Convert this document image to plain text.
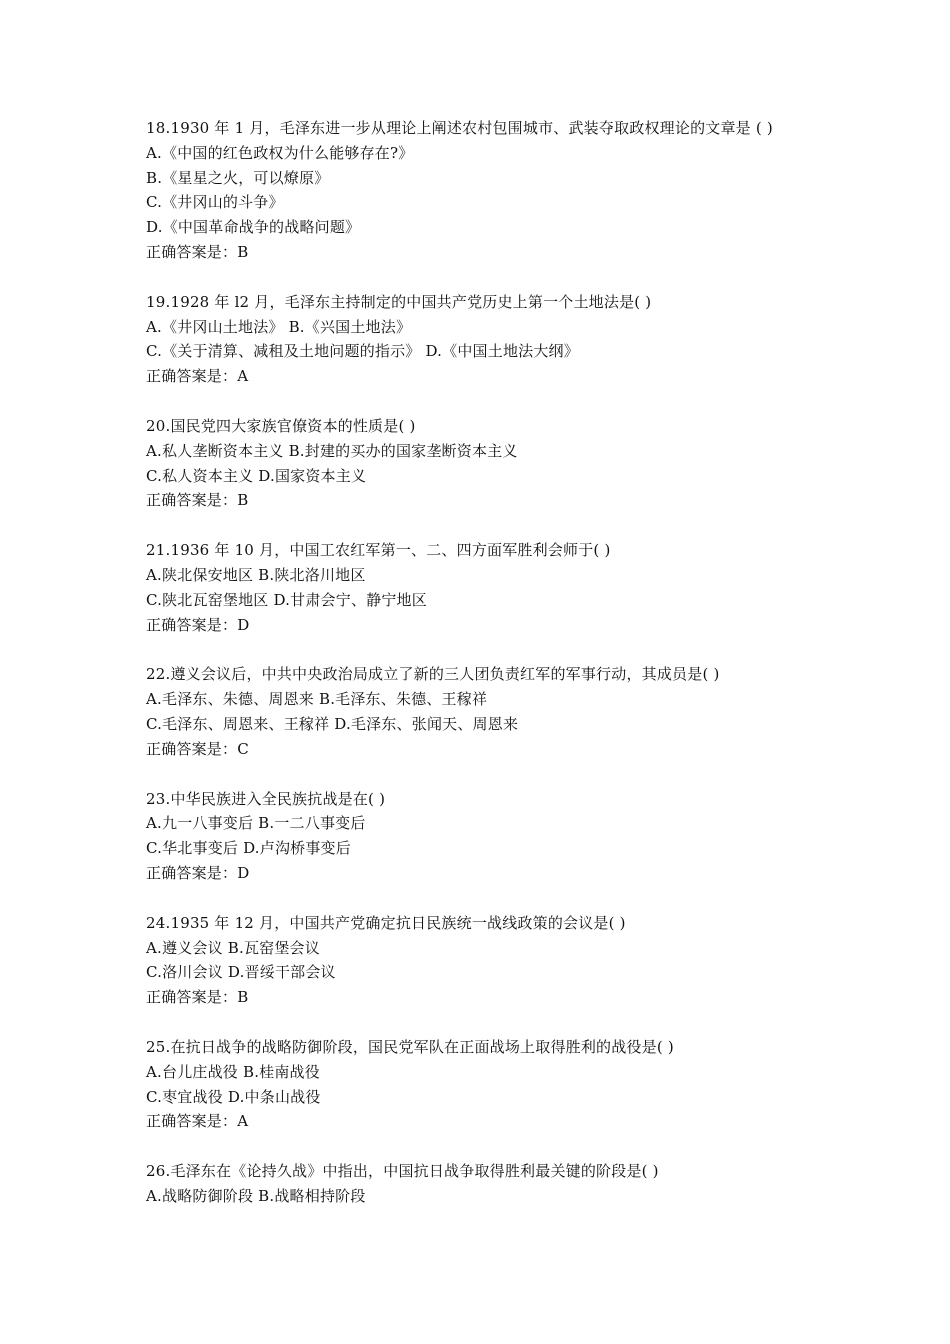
18.1930 年 1 月，毛泽东进一步从理论上阐述农村包围城市、武装夺取政权理论的文章是 ( )
A.《中国的红色政权为什么能够存在?》
B.《星星之火，可以燎原》
C.《井冈山的斗争》
D.《中国革命战争的战略问题》
正确答案是：B
19.1928 年 l2 月，毛泽东主持制定的中国共产党历史上第一个土地法是( )
A.《井冈山土地法》 B.《兴国土地法》
C.《关于清算、减租及土地问题的指示》 D.《中国土地法大纲》
正确答案是：A
20.国民党四大家族官僚资本的性质是( )
A.私人垄断资本主义 B.封建的买办的国家垄断资本主义
C.私人资本主义 D.国家资本主义
正确答案是：B
21.1936 年 10 月，中国工农红军第一、二、四方面军胜利会师于( )
A.陕北保安地区 B.陕北洛川地区
C.陕北瓦窑堡地区 D.甘肃会宁、静宁地区
正确答案是：D
22.遵义会议后，中共中央政治局成立了新的三人团负责红军的军事行动，其成员是( )
A.毛泽东、朱德、周恩来 B.毛泽东、朱德、王稼祥
C.毛泽东、周恩来、王稼祥 D.毛泽东、张闻天、周恩来
正确答案是：C
23.中华民族进入全民族抗战是在( )
A.九一八事变后 B.一二八事变后
C.华北事变后 D.卢沟桥事变后
正确答案是：D
24.1935 年 12 月，中国共产党确定抗日民族统一战线政策的会议是( )
A.遵义会议 B.瓦窑堡会议
C.洛川会议 D.晋绥干部会议
正确答案是：B
25.在抗日战争的战略防御阶段，国民党军队在正面战场上取得胜利的战役是( )
A.台儿庄战役 B.桂南战役
C.枣宜战役 D.中条山战役
正确答案是：A
26.毛泽东在《论持久战》中指出，中国抗日战争取得胜利最关键的阶段是( )
A.战略防御阶段 B.战略相持阶段
